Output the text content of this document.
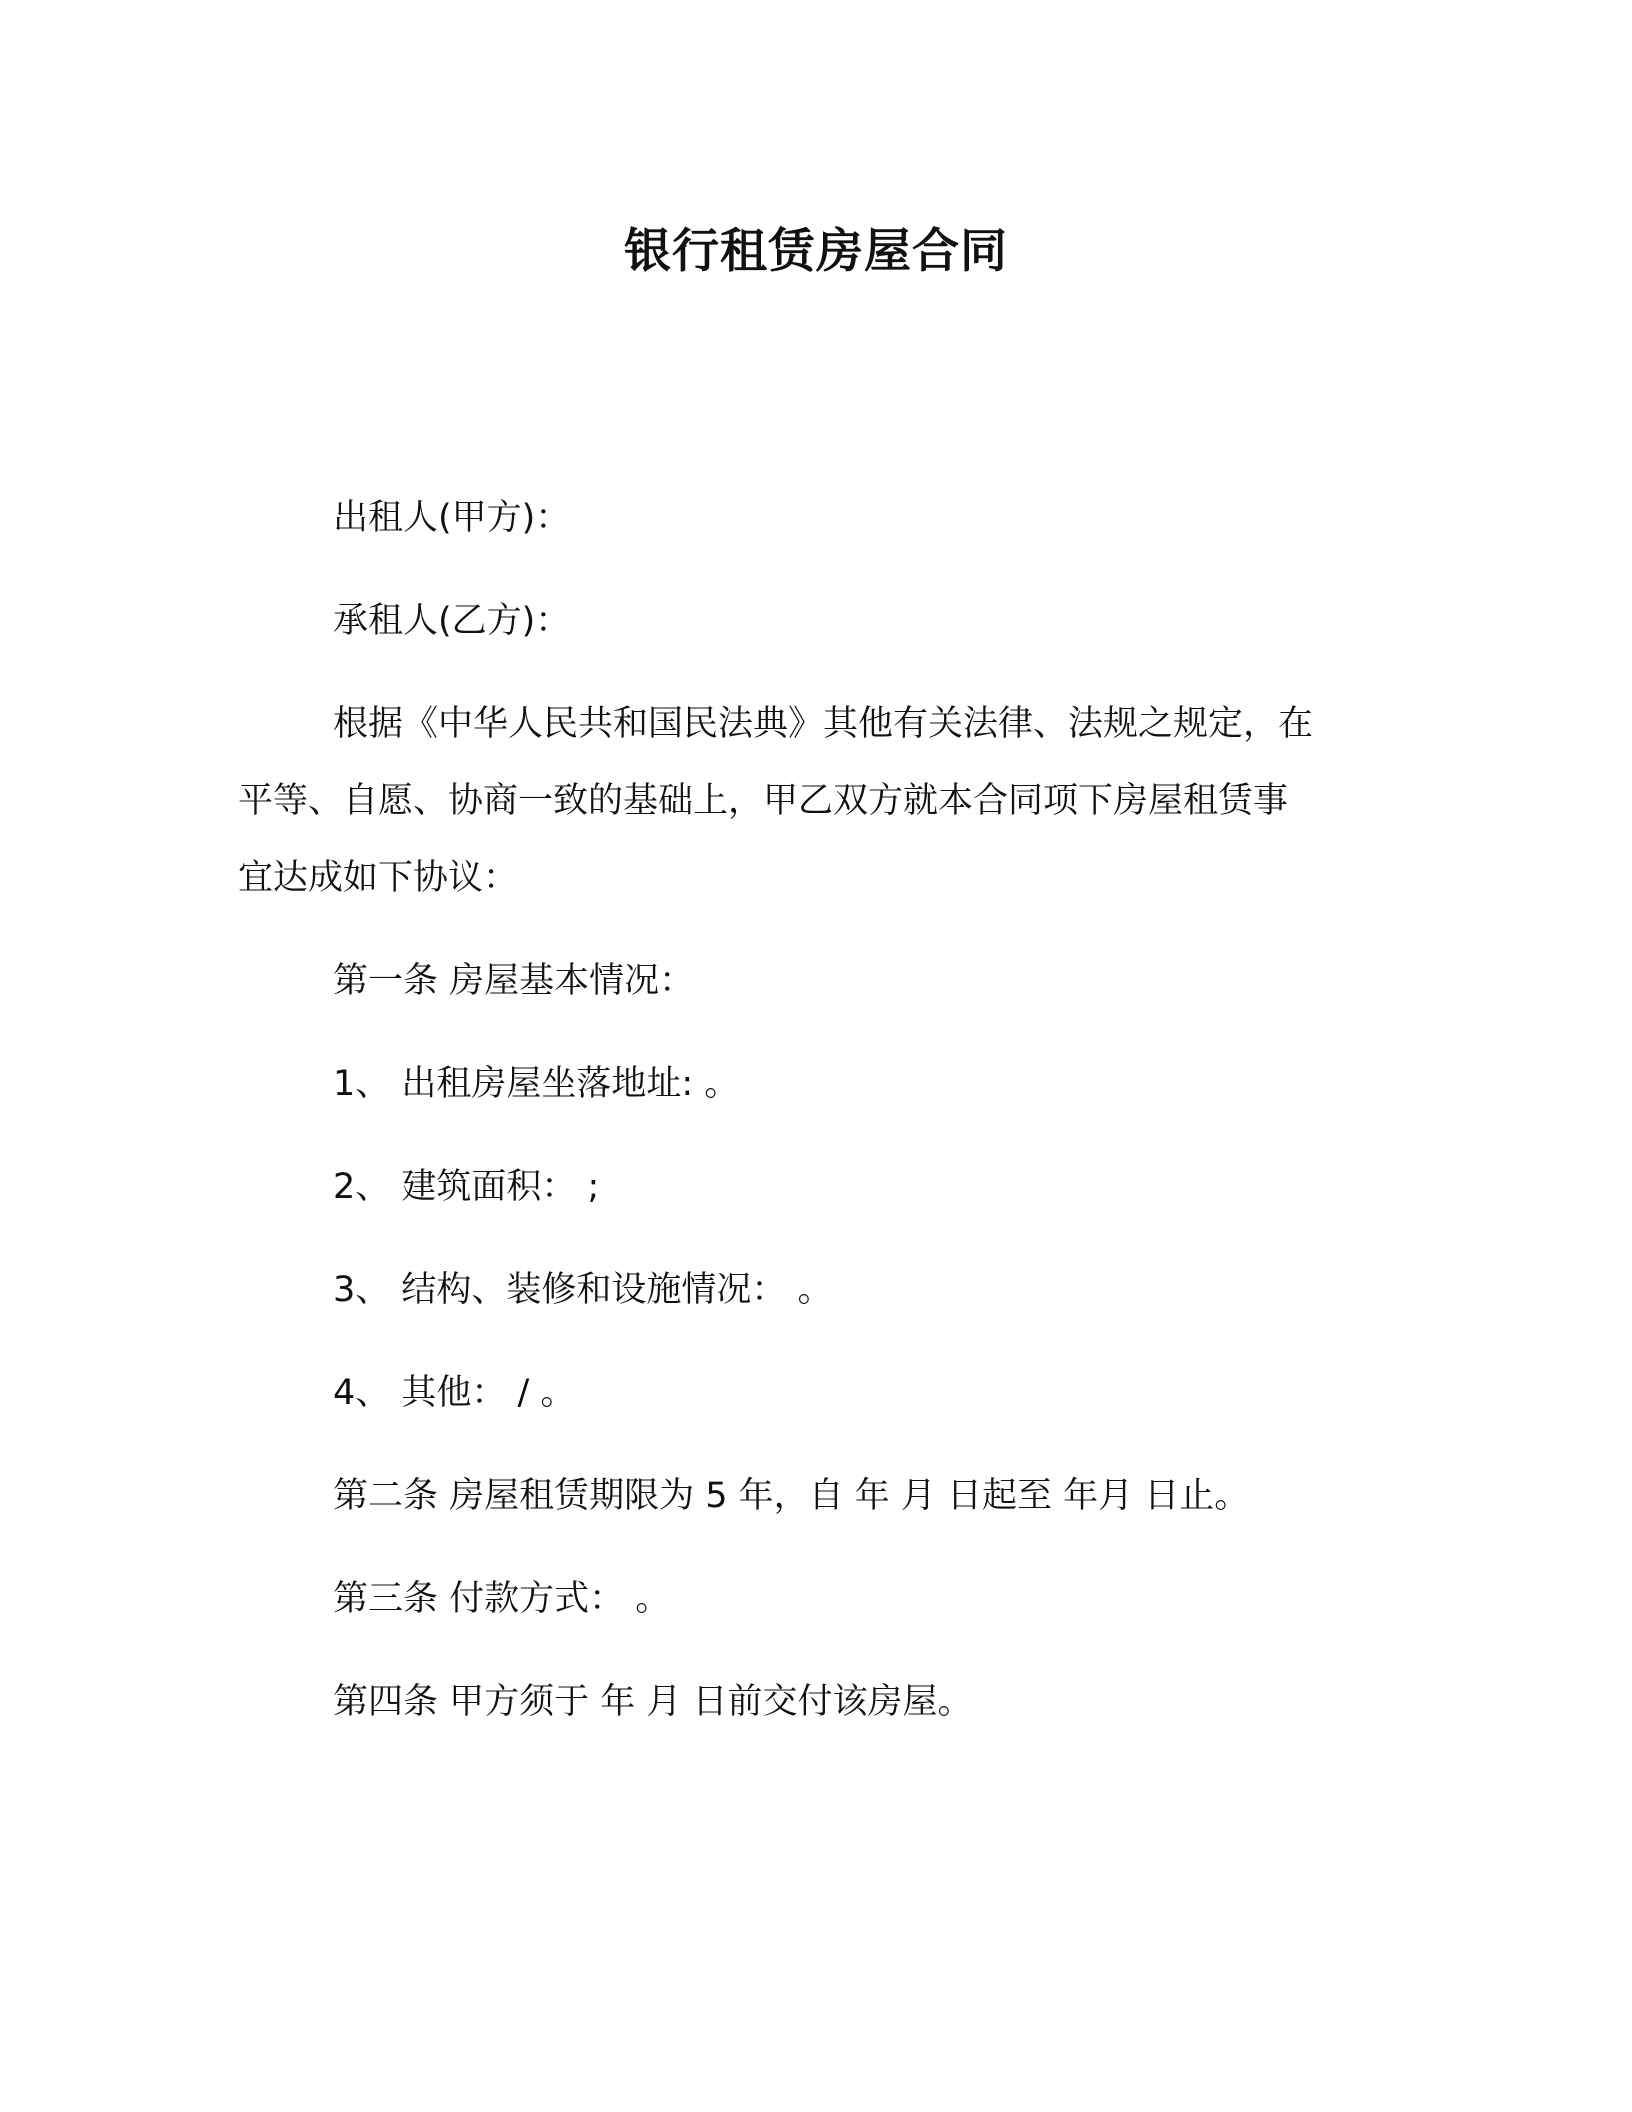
银行租赁房屋合同
出租人(甲方)：
承租人(乙方)：
根据《中华人民共和国民法典》其他有关法律、法规之规定，在
平等、自愿、协商一致的基础上，甲乙双方就本合同项下房屋租赁事
宜达成如下协议：
第一条 房屋基本情况：
1、 出租房屋坐落地址: 。
2、 建筑面积： ;
3、 结构、装修和设施情况： 。
4、 其他： / 。
第二条 房屋租赁期限为 5 年，自 年 月 日起至 年月 日止。
第三条 付款方式： 。
第四条 甲方须于 年 月 日前交付该房屋。
